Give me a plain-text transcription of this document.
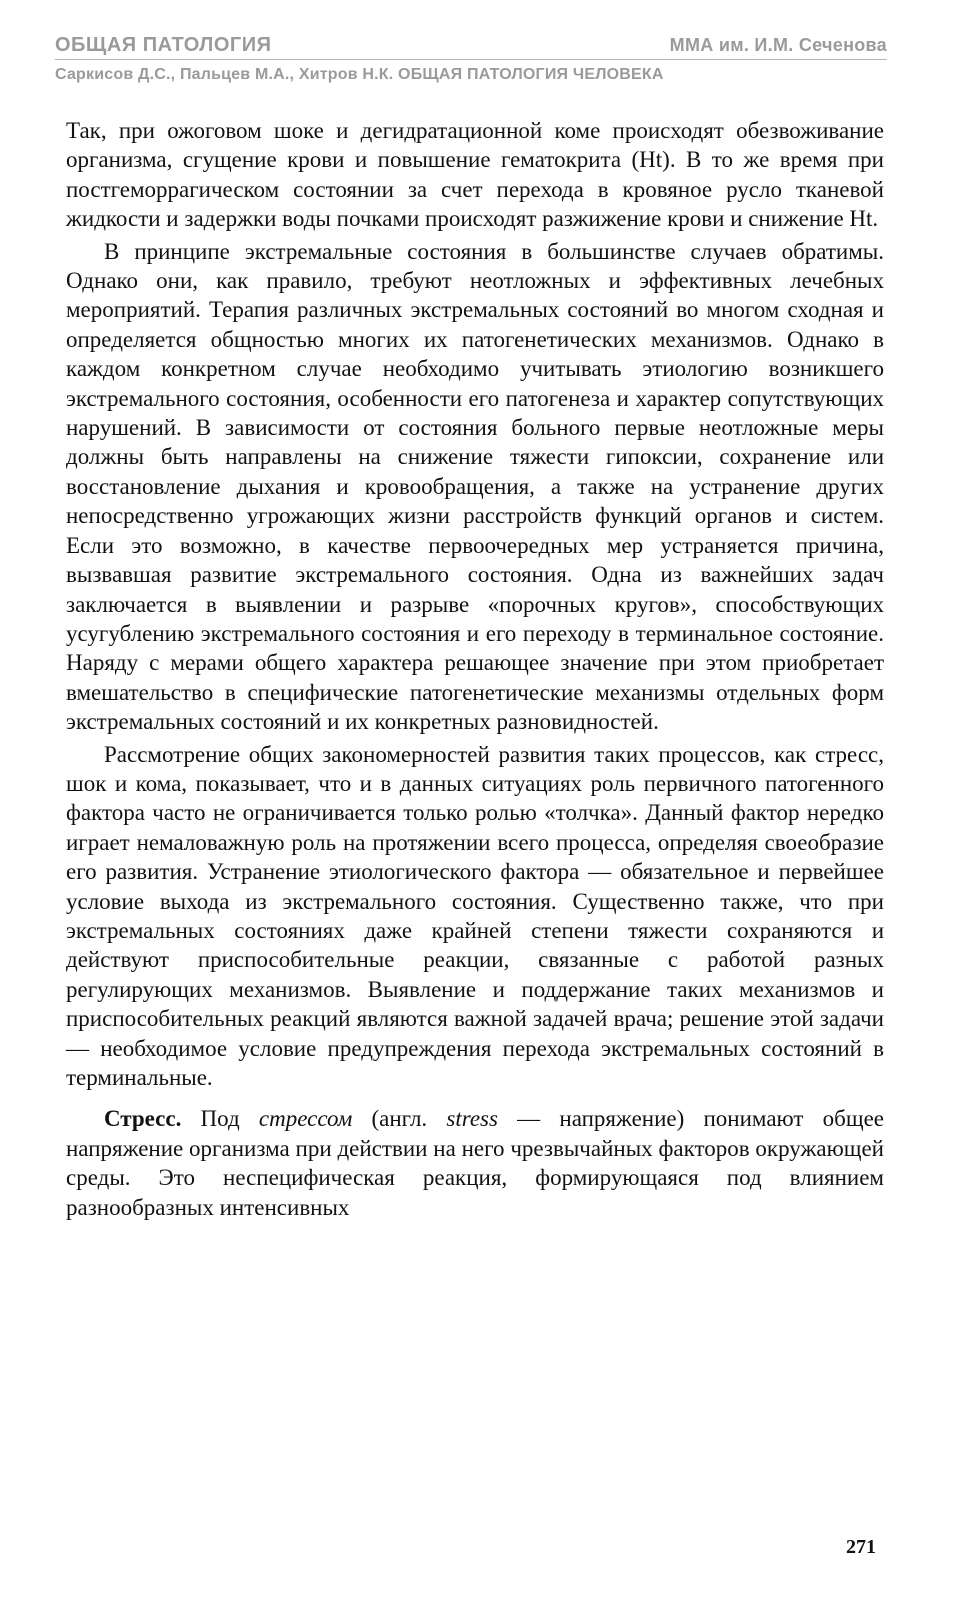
ОБЩАЯ ПАТОЛОГИЯ	ММА им. И.М. Сеченова
Саркисов Д.С., Пальцев М.А., Хитров Н.К. ОБЩАЯ ПАТОЛОГИЯ ЧЕЛОВЕКА

Так, при ожоговом шоке и дегидратационной коме происходят обезвоживание организма, сгущение крови и повышение гематокрита (Ht). В то же время при постгеморрагическом состоянии за счет перехода в кровяное русло тканевой жидкости и задержки воды почками происходят разжижение крови и снижение Ht.

В принципе экстремальные состояния в большинстве случаев обратимы. Однако они, как правило, требуют неотложных и эффективных лечебных мероприятий. Терапия различных экстремальных состояний во многом сходная и определяется общностью многих их патогенетических механизмов. Однако в каждом конкретном случае необходимо учитывать этиологию возникшего экстремального состояния, особенности его патогенеза и характер сопутствующих нарушений. В зависимости от состояния больного первые неотложные меры должны быть направлены на снижение тяжести гипоксии, сохранение или восстановление дыхания и кровообращения, а также на устранение других непосредственно угрожающих жизни расстройств функций органов и систем. Если это возможно, в качестве первоочередных мер устраняется причина, вызвавшая развитие экстремального состояния. Одна из важнейших задач заключается в выявлении и разрыве «порочных кругов», способствующих усугублению экстремального состояния и его переходу в терминальное состояние. Наряду с мерами общего характера решающее значение при этом приобретает вмешательство в специфические патогенетические механизмы отдельных форм экстремальных состояний и их конкретных разновидностей.

Рассмотрение общих закономерностей развития таких процессов, как стресс, шок и кома, показывает, что и в данных ситуациях роль первичного патогенного фактора часто не ограничивается только ролью «толчка». Данный фактор нередко играет немаловажную роль на протяжении всего процесса, определяя своеобразие его развития. Устранение этиологического фактора — обязательное и первейшее условие выхода из экстремального состояния. Существенно также, что при экстремальных состояниях даже крайней степени тяжести сохраняются и действуют приспособительные реакции, связанные с работой разных регулирующих механизмов. Выявление и поддержание таких механизмов и приспособительных реакций являются важной задачей врача; решение этой задачи — необходимое условие предупреждения перехода экстремальных состояний в терминальные.

Стресс. Под стрессом (англ. stress — напряжение) понимают общее напряжение организма при действии на него чрезвычайных факторов окружающей среды. Это неспецифическая реакция, формирующаяся под влиянием разнообразных интенсивных

271
